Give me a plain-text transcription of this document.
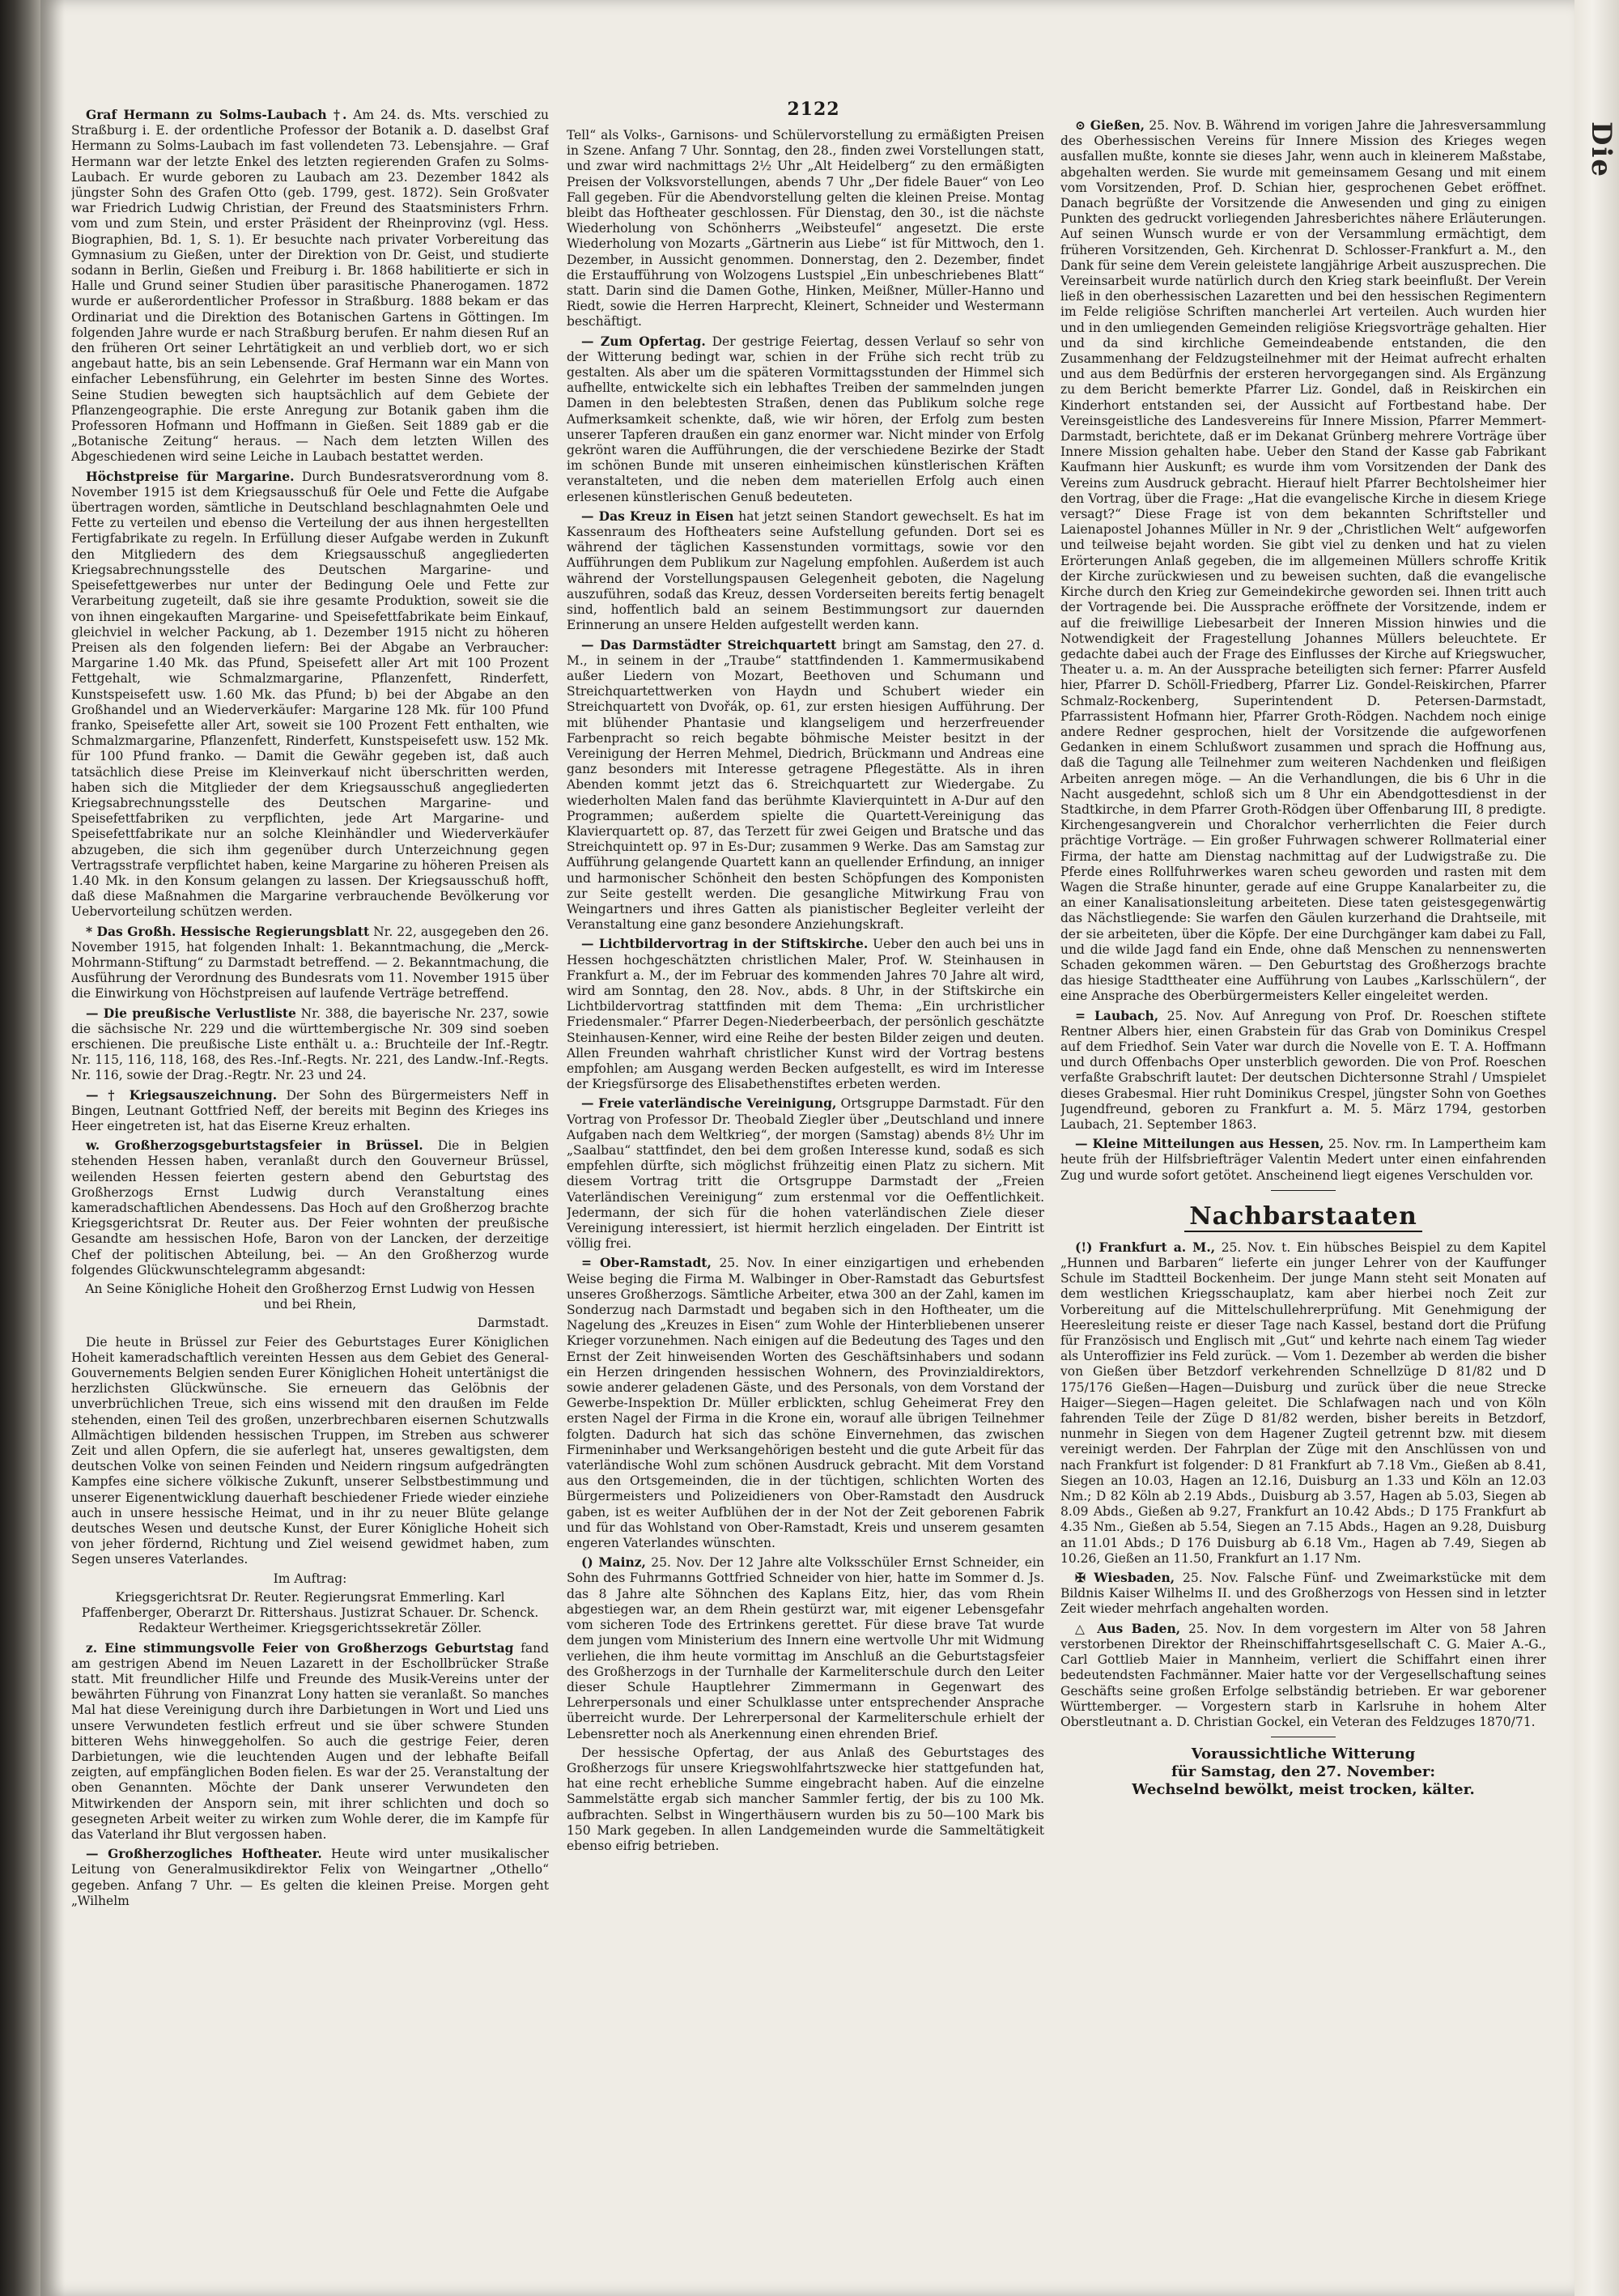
Die
2122

Graf Hermann zu Solms-Laubach †. Am 24. ds. Mts. verschied zu Straßburg i. E. der ordentliche Professor der Botanik a. D. daselbst Graf Hermann zu Solms-Laubach im fast vollendeten 73. Lebensjahre. — Graf Hermann war der letzte Enkel des letzten regierenden Grafen zu Solms-Laubach. Er wurde geboren zu Laubach am 23. Dezember 1842 als jüngster Sohn des Grafen Otto (geb. 1799, gest. 1872). Sein Großvater war Friedrich Ludwig Christian, der Freund des Staatsministers Frhrn. vom und zum Stein, und erster Präsident der Rheinprovinz (vgl. Hess. Biographien, Bd. 1, S. 1). Er besuchte nach privater Vorbereitung das Gymnasium zu Gießen, unter der Direktion von Dr. Geist, und studierte sodann in Berlin, Gießen und Freiburg i. Br. 1868 habilitierte er sich in Halle und Grund seiner Studien über parasitische Phanerogamen. 1872 wurde er außerordentlicher Professor in Straßburg. 1888 bekam er das Ordinariat und die Direktion des Botanischen Gartens in Göttingen. Im folgenden Jahre wurde er nach Straßburg berufen. Er nahm diesen Ruf an den früheren Ort seiner Lehrtätigkeit an und verblieb dort, wo er sich angebaut hatte, bis an sein Lebensende. Graf Hermann war ein Mann von einfacher Lebensführung, ein Gelehrter im besten Sinne des Wortes. Seine Studien bewegten sich hauptsächlich auf dem Gebiete der Pflanzengeographie. Die erste Anregung zur Botanik gaben ihm die Professoren Hofmann und Hoffmann in Gießen. Seit 1889 gab er die „Botanische Zeitung“ heraus. — Nach dem letzten Willen des Abgeschiedenen wird seine Leiche in Laubach bestattet werden.

Höchstpreise für Margarine. Durch Bundesratsverordnung vom 8. November 1915 ist dem Kriegsausschuß für Oele und Fette die Aufgabe übertragen worden, sämtliche in Deutschland beschlagnahmten Oele und Fette zu verteilen und ebenso die Verteilung der aus ihnen hergestellten Fertigfabrikate zu regeln. In Erfüllung dieser Aufgabe werden in Zukunft den Mitgliedern des dem Kriegsausschuß angegliederten Kriegsabrechnungsstelle des Deutschen Margarine- und Speisefettgewerbes nur unter der Bedingung Oele und Fette zur Verarbeitung zugeteilt, daß sie ihre gesamte Produktion, soweit sie die von ihnen eingekauften Margarine- und Speisefettfabrikate beim Einkauf, gleichviel in welcher Packung, ab 1. Dezember 1915 nicht zu höheren Preisen als den folgenden liefern: Bei der Abgabe an Verbraucher: Margarine 1.40 Mk. das Pfund, Speisefett aller Art mit 100 Prozent Fettgehalt, wie Schmalzmargarine, Pflanzenfett, Rinderfett, Kunstspeisefett usw. 1.60 Mk. das Pfund; b) bei der Abgabe an den Großhandel und an Wiederverkäufer: Margarine 128 Mk. für 100 Pfund franko, Speisefette aller Art, soweit sie 100 Prozent Fett enthalten, wie Schmalzmargarine, Pflanzenfett, Rinderfett, Kunstspeisefett usw. 152 Mk. für 100 Pfund franko. — Damit die Gewähr gegeben ist, daß auch tatsächlich diese Preise im Kleinverkauf nicht überschritten werden, haben sich die Mitglieder der dem Kriegsausschuß angegliederten Kriegsabrechnungsstelle des Deutschen Margarine- und Speisefettfabriken zu verpflichten, jede Art Margarine- und Speisefettfabrikate nur an solche Kleinhändler und Wiederverkäufer abzugeben, die sich ihm gegenüber durch Unterzeichnung gegen Vertragsstrafe verpflichtet haben, keine Margarine zu höheren Preisen als 1.40 Mk. in den Konsum gelangen zu lassen. Der Kriegsausschuß hofft, daß diese Maßnahmen die Margarine verbrauchende Bevölkerung vor Uebervorteilung schützen werden.

* Das Großh. Hessische Regierungsblatt Nr. 22, ausgegeben den 26. November 1915, hat folgenden Inhalt: 1. Bekanntmachung, die „Merck-Mohrmann-Stiftung“ zu Darmstadt betreffend. — 2. Bekanntmachung, die Ausführung der Verordnung des Bundesrats vom 11. November 1915 über die Einwirkung von Höchstpreisen auf laufende Verträge betreffend.

— Die preußische Verlustliste Nr. 388, die bayerische Nr. 237, sowie die sächsische Nr. 229 und die württembergische Nr. 309 sind soeben erschienen. Die preußische Liste enthält u. a.: Bruchteile der Inf.-Regtr. Nr. 115, 116, 118, 168, des Res.-Inf.-Regts. Nr. 221, des Landw.-Inf.-Regts. Nr. 116, sowie der Drag.-Regtr. Nr. 23 und 24.

— † Kriegsauszeichnung. Der Sohn des Bürgermeisters Neff in Bingen, Leutnant Gottfried Neff, der bereits mit Beginn des Krieges ins Heer eingetreten ist, hat das Eiserne Kreuz erhalten.

w. Großherzogsgeburtstagsfeier in Brüssel. Die in Belgien stehenden Hessen haben, veranlaßt durch den Gouverneur Brüssel, weilenden Hessen feierten gestern abend den Geburtstag des Großherzogs Ernst Ludwig durch Veranstaltung eines kameradschaftlichen Abendessens. Das Hoch auf den Großherzog brachte Kriegsgerichtsrat Dr. Reuter aus. Der Feier wohnten der preußische Gesandte am hessischen Hofe, Baron von der Lancken, der derzeitige Chef der politischen Abteilung, bei. — An den Großherzog wurde folgendes Glückwunschtelegramm abgesandt:

An Seine Königliche Hoheit den Großherzog Ernst Ludwig von Hessen und bei Rhein,

Darmstadt.

Die heute in Brüssel zur Feier des Geburtstages Eurer Königlichen Hoheit kameradschaftlich vereinten Hessen aus dem Gebiet des General-Gouvernements Belgien senden Eurer Königlichen Hoheit untertänigst die herzlichsten Glückwünsche. Sie erneuern das Gelöbnis der unverbrüchlichen Treue, sich eins wissend mit den draußen im Felde stehenden, einen Teil des großen, unzerbrechbaren eisernen Schutzwalls Allmächtigen bildenden hessischen Truppen, im Streben aus schwerer Zeit und allen Opfern, die sie auferlegt hat, unseres gewaltigsten, dem deutschen Volke von seinen Feinden und Neidern ringsum aufgedrängten Kampfes eine sichere völkische Zukunft, unserer Selbstbestimmung und unserer Eigenentwicklung dauerhaft beschiedener Friede wieder einziehe auch in unsere hessische Heimat, und in ihr zu neuer Blüte gelange deutsches Wesen und deutsche Kunst, der Eurer Königliche Hoheit sich von jeher fördernd, Richtung und Ziel weisend gewidmet haben, zum Segen unseres Vaterlandes.

Im Auftrag:

Kriegsgerichtsrat Dr. Reuter. Regierungsrat Emmerling. Karl Pfaffenberger, Oberarzt Dr. Rittershaus. Justizrat Schauer. Dr. Schenck. Redakteur Wertheimer. Kriegsgerichtssekretär Zöller.

z. Eine stimmungsvolle Feier von Großherzogs Geburtstag fand am gestrigen Abend im Neuen Lazarett in der Eschollbrücker Straße statt. Mit freundlicher Hilfe und Freunde des Musik-Vereins unter der bewährten Führung von Finanzrat Lony hatten sie veranlaßt. So manches Mal hat diese Vereinigung durch ihre Darbietungen in Wort und Lied uns unsere Verwundeten festlich erfreut und sie über schwere Stunden bitteren Wehs hinweggeholfen. So auch die gestrige Feier, deren Darbietungen, wie die leuchtenden Augen und der lebhafte Beifall zeigten, auf empfänglichen Boden fielen. Es war der 25. Veranstaltung der oben Genannten. Möchte der Dank unserer Verwundeten den Mitwirkenden der Ansporn sein, mit ihrer schlichten und doch so gesegneten Arbeit weiter zu wirken zum Wohle derer, die im Kampfe für das Vaterland ihr Blut vergossen haben.

— Großherzogliches Hoftheater. Heute wird unter musikalischer Leitung von Generalmusikdirektor Felix von Weingartner „Othello“ gegeben. Anfang 7 Uhr. — Es gelten die kleinen Preise. Morgen geht „Wilhelm

Tell“ als Volks-, Garnisons- und Schülervorstellung zu ermäßigten Preisen in Szene. Anfang 7 Uhr. Sonntag, den 28., finden zwei Vorstellungen statt, und zwar wird nachmittags 2½ Uhr „Alt Heidelberg“ zu den ermäßigten Preisen der Volksvorstellungen, abends 7 Uhr „Der fidele Bauer“ von Leo Fall gegeben. Für die Abendvorstellung gelten die kleinen Preise. Montag bleibt das Hoftheater geschlossen. Für Dienstag, den 30., ist die nächste Wiederholung von Schönherrs „Weibsteufel“ angesetzt. Die erste Wiederholung von Mozarts „Gärtnerin aus Liebe“ ist für Mittwoch, den 1. Dezember, in Aussicht genommen. Donnerstag, den 2. Dezember, findet die Erstaufführung von Wolzogens Lustspiel „Ein unbeschriebenes Blatt“ statt. Darin sind die Damen Gothe, Hinken, Meißner, Müller-Hanno und Riedt, sowie die Herren Harprecht, Kleinert, Schneider und Westermann beschäftigt.

— Zum Opfertag. Der gestrige Feiertag, dessen Verlauf so sehr von der Witterung bedingt war, schien in der Frühe sich recht trüb zu gestalten. Als aber um die späteren Vormittagsstunden der Himmel sich aufhellte, entwickelte sich ein lebhaftes Treiben der sammelnden jungen Damen in den belebtesten Straßen, denen das Publikum solche rege Aufmerksamkeit schenkte, daß, wie wir hören, der Erfolg zum besten unserer Tapferen draußen ein ganz enormer war. Nicht minder von Erfolg gekrönt waren die Aufführungen, die der verschiedene Bezirke der Stadt im schönen Bunde mit unseren einheimischen künstlerischen Kräften veranstalteten, und die neben dem materiellen Erfolg auch einen erlesenen künstlerischen Genuß bedeuteten.

— Das Kreuz in Eisen hat jetzt seinen Standort gewechselt. Es hat im Kassenraum des Hoftheaters seine Aufstellung gefunden. Dort sei es während der täglichen Kassenstunden vormittags, sowie vor den Aufführungen dem Publikum zur Nagelung empfohlen. Außerdem ist auch während der Vorstellungspausen Gelegenheit geboten, die Nagelung auszuführen, sodaß das Kreuz, dessen Vorderseiten bereits fertig benagelt sind, hoffentlich bald an seinem Bestimmungsort zur dauernden Erinnerung an unsere Helden aufgestellt werden kann.

— Das Darmstädter Streichquartett bringt am Samstag, den 27. d. M., in seinem in der „Traube“ stattfindenden 1. Kammermusikabend außer Liedern von Mozart, Beethoven und Schumann und Streichquartettwerken von Haydn und Schubert wieder ein Streichquartett von Dvořák, op. 61, zur ersten hiesigen Aufführung. Der mit blühender Phantasie und klangseligem und herzerfreuender Farbenpracht so reich begabte böhmische Meister besitzt in der Vereinigung der Herren Mehmel, Diedrich, Brückmann und Andreas eine ganz besonders mit Interesse getragene Pflegestätte. Als in ihren Abenden kommt jetzt das 6. Streichquartett zur Wiedergabe. Zu wiederholten Malen fand das berühmte Klavierquintett in A-Dur auf den Programmen; außerdem spielte die Quartett-Vereinigung das Klavierquartett op. 87, das Terzett für zwei Geigen und Bratsche und das Streichquintett op. 97 in Es-Dur; zusammen 9 Werke. Das am Samstag zur Aufführung gelangende Quartett kann an quellender Erfindung, an inniger und harmonischer Schönheit den besten Schöpfungen des Komponisten zur Seite gestellt werden. Die gesangliche Mitwirkung Frau von Weingartners und ihres Gatten als pianistischer Begleiter verleiht der Veranstaltung eine ganz besondere Anziehungskraft.

— Lichtbildervortrag in der Stiftskirche. Ueber den auch bei uns in Hessen hochgeschätzten christlichen Maler, Prof. W. Steinhausen in Frankfurt a. M., der im Februar des kommenden Jahres 70 Jahre alt wird, wird am Sonntag, den 28. Nov., abds. 8 Uhr, in der Stiftskirche ein Lichtbildervortrag stattfinden mit dem Thema: „Ein urchristlicher Friedensmaler.“ Pfarrer Degen-Niederbeerbach, der persönlich geschätzte Steinhausen-Kenner, wird eine Reihe der besten Bilder zeigen und deuten. Allen Freunden wahrhaft christlicher Kunst wird der Vortrag bestens empfohlen; am Ausgang werden Becken aufgestellt, es wird im Interesse der Kriegsfürsorge des Elisabethenstiftes erbeten werden.

— Freie vaterländische Vereinigung, Ortsgruppe Darmstadt. Für den Vortrag von Professor Dr. Theobald Ziegler über „Deutschland und innere Aufgaben nach dem Weltkrieg“, der morgen (Samstag) abends 8½ Uhr im „Saalbau“ stattfindet, den bei dem großen Interesse kund, sodaß es sich empfehlen dürfte, sich möglichst frühzeitig einen Platz zu sichern. Mit diesem Vortrag tritt die Ortsgruppe Darmstadt der „Freien Vaterländischen Vereinigung“ zum erstenmal vor die Oeffentlichkeit. Jedermann, der sich für die hohen vaterländischen Ziele dieser Vereinigung interessiert, ist hiermit herzlich eingeladen. Der Eintritt ist völlig frei.

= Ober-Ramstadt, 25. Nov. In einer einzigartigen und erhebenden Weise beging die Firma M. Walbinger in Ober-Ramstadt das Geburtsfest unseres Großherzogs. Sämtliche Arbeiter, etwa 300 an der Zahl, kamen im Sonderzug nach Darmstadt und begaben sich in den Hoftheater, um die Nagelung des „Kreuzes in Eisen“ zum Wohle der Hinterbliebenen unserer Krieger vorzunehmen. Nach einigen auf die Bedeutung des Tages und den Ernst der Zeit hinweisenden Worten des Geschäftsinhabers und sodann ein Herzen dringenden hessischen Wohnern, des Provinzialdirektors, sowie anderer geladenen Gäste, und des Personals, von dem Vorstand der Gewerbe-Inspektion Dr. Müller erblickten, schlug Geheimerat Frey den ersten Nagel der Firma in die Krone ein, worauf alle übrigen Teilnehmer folgten. Dadurch hat sich das schöne Einvernehmen, das zwischen Firmeninhaber und Werksangehörigen besteht und die gute Arbeit für das vaterländische Wohl zum schönen Ausdruck gebracht. Mit dem Vorstand aus den Ortsgemeinden, die in der tüchtigen, schlichten Worten des Bürgermeisters und Polizeidieners von Ober-Ramstadt den Ausdruck gaben, ist es weiter Aufblühen der in der Not der Zeit geborenen Fabrik und für das Wohlstand von Ober-Ramstadt, Kreis und unserem gesamten engeren Vaterlandes wünschten.

() Mainz, 25. Nov. Der 12 Jahre alte Volksschüler Ernst Schneider, ein Sohn des Fuhrmanns Gottfried Schneider von hier, hatte im Sommer d. Js. das 8 Jahre alte Söhnchen des Kaplans Eitz, hier, das vom Rhein abgestiegen war, an dem Rhein gestürzt war, mit eigener Lebensgefahr vom sicheren Tode des Ertrinkens gerettet. Für diese brave Tat wurde dem jungen vom Ministerium des Innern eine wertvolle Uhr mit Widmung verliehen, die ihm heute vormittag im Anschluß an die Geburtstagsfeier des Großherzogs in der Turnhalle der Karmeliterschule durch den Leiter dieser Schule Hauptlehrer Zimmermann in Gegenwart des Lehrerpersonals und einer Schulklasse unter entsprechender Ansprache überreicht wurde. Der Lehrerpersonal der Karmeliterschule erhielt der Lebensretter noch als Anerkennung einen ehrenden Brief.

Der hessische Opfertag, der aus Anlaß des Geburtstages des Großherzogs für unsere Kriegswohlfahrtszwecke hier stattgefunden hat, hat eine recht erhebliche Summe eingebracht haben. Auf die einzelne Sammelstätte ergab sich mancher Sammler fertig, der bis zu 100 Mk. aufbrachten. Selbst in Wingerthäusern wurden bis zu 50—100 Mark bis 150 Mark gegeben. In allen Landgemeinden wurde die Sammeltätigkeit ebenso eifrig betrieben.

⊙ Gießen, 25. Nov. B. Während im vorigen Jahre die Jahresversammlung des Oberhessischen Vereins für Innere Mission des Krieges wegen ausfallen mußte, konnte sie dieses Jahr, wenn auch in kleinerem Maßstabe, abgehalten werden. Sie wurde mit gemeinsamem Gesang und mit einem vom Vorsitzenden, Prof. D. Schian hier, gesprochenen Gebet eröffnet. Danach begrüßte der Vorsitzende die Anwesenden und ging zu einigen Punkten des gedruckt vorliegenden Jahresberichtes nähere Erläuterungen. Auf seinen Wunsch wurde er von der Versammlung ermächtigt, dem früheren Vorsitzenden, Geh. Kirchenrat D. Schlosser-Frankfurt a. M., den Dank für seine dem Verein geleistete langjährige Arbeit auszusprechen. Die Vereinsarbeit wurde natürlich durch den Krieg stark beeinflußt. Der Verein ließ in den oberhessischen Lazaretten und bei den hessischen Regimentern im Felde religiöse Schriften mancherlei Art verteilen. Auch wurden hier und in den umliegenden Gemeinden religiöse Kriegsvorträge gehalten. Hier und da sind kirchliche Gemeindeabende entstanden, die den Zusammenhang der Feldzugsteilnehmer mit der Heimat aufrecht erhalten und aus dem Bedürfnis der ersteren hervorgegangen sind. Als Ergänzung zu dem Bericht bemerkte Pfarrer Liz. Gondel, daß in Reiskirchen ein Kinderhort entstanden sei, der Aussicht auf Fortbestand habe. Der Vereinsgeistliche des Landesvereins für Innere Mission, Pfarrer Memmert-Darmstadt, berichtete, daß er im Dekanat Grünberg mehrere Vorträge über Innere Mission gehalten habe. Ueber den Stand der Kasse gab Fabrikant Kaufmann hier Auskunft; es wurde ihm vom Vorsitzenden der Dank des Vereins zum Ausdruck gebracht. Hierauf hielt Pfarrer Bechtolsheimer hier den Vortrag, über die Frage: „Hat die evangelische Kirche in diesem Kriege versagt?“ Diese Frage ist von dem bekannten Schriftsteller und Laienapostel Johannes Müller in Nr. 9 der „Christlichen Welt“ aufgeworfen und teilweise bejaht worden. Sie gibt viel zu denken und hat zu vielen Erörterungen Anlaß gegeben, die im allgemeinen Müllers schroffe Kritik der Kirche zurückwiesen und zu beweisen suchten, daß die evangelische Kirche durch den Krieg zur Gemeindekirche geworden sei. Ihnen tritt auch der Vortragende bei. Die Aussprache eröffnete der Vorsitzende, indem er auf die freiwillige Liebesarbeit der Inneren Mission hinwies und die Notwendigkeit der Fragestellung Johannes Müllers beleuchtete. Er gedachte dabei auch der Frage des Einflusses der Kirche auf Kriegswucher, Theater u. a. m. An der Aussprache beteiligten sich ferner: Pfarrer Ausfeld hier, Pfarrer D. Schöll-Friedberg, Pfarrer Liz. Gondel-Reiskirchen, Pfarrer Schmalz-Rockenberg, Superintendent D. Petersen-Darmstadt, Pfarrassistent Hofmann hier, Pfarrer Groth-Rödgen. Nachdem noch einige andere Redner gesprochen, hielt der Vorsitzende die aufgeworfenen Gedanken in einem Schlußwort zusammen und sprach die Hoffnung aus, daß die Tagung alle Teilnehmer zum weiteren Nachdenken und fleißigen Arbeiten anregen möge. — An die Verhandlungen, die bis 6 Uhr in die Nacht ausgedehnt, schloß sich um 8 Uhr ein Abendgottesdienst in der Stadtkirche, in dem Pfarrer Groth-Rödgen über Offenbarung III, 8 predigte. Kirchengesangverein und Choralchor verherrlichten die Feier durch prächtige Vorträge. — Ein großer Fuhrwagen schwerer Rollmaterial einer Firma, der hatte am Dienstag nachmittag auf der Ludwigstraße zu. Die Pferde eines Rollfuhrwerkes waren scheu geworden und rasten mit dem Wagen die Straße hinunter, gerade auf eine Gruppe Kanalarbeiter zu, die an einer Kanalisationsleitung arbeiteten. Diese taten geistesgegenwärtig das Nächstliegende: Sie warfen den Gäulen kurzerhand die Drahtseile, mit der sie arbeiteten, über die Köpfe. Der eine Durchgänger kam dabei zu Fall, und die wilde Jagd fand ein Ende, ohne daß Menschen zu nennenswerten Schaden gekommen wären. — Den Geburtstag des Großherzogs brachte das hiesige Stadttheater eine Aufführung von Laubes „Karlsschülern“, der eine Ansprache des Oberbürgermeisters Keller eingeleitet werden.

= Laubach, 25. Nov. Auf Anregung von Prof. Dr. Roeschen stiftete Rentner Albers hier, einen Grabstein für das Grab von Dominikus Crespel auf dem Friedhof. Sein Vater war durch die Novelle von E. T. A. Hoffmann und durch Offenbachs Oper unsterblich geworden. Die von Prof. Roeschen verfaßte Grabschrift lautet: Der deutschen Dichtersonne Strahl / Umspielet dieses Grabesmal. Hier ruht Dominikus Crespel, jüngster Sohn von Goethes Jugendfreund, geboren zu Frankfurt a. M. 5. März 1794, gestorben Laubach, 21. September 1863.

— Kleine Mitteilungen aus Hessen, 25. Nov. rm. In Lampertheim kam heute früh der Hilfsbriefträger Valentin Medert unter einen einfahrenden Zug und wurde sofort getötet. Anscheinend liegt eigenes Verschulden vor.

Nachbarstaaten

(!) Frankfurt a. M., 25. Nov. t. Ein hübsches Beispiel zu dem Kapitel „Hunnen und Barbaren“ lieferte ein junger Lehrer von der Kauffunger Schule im Stadtteil Bockenheim. Der junge Mann steht seit Monaten auf dem westlichen Kriegsschauplatz, kam aber hierbei noch Zeit zur Vorbereitung auf die Mittelschullehrerprüfung. Mit Genehmigung der Heeresleitung reiste er dieser Tage nach Kassel, bestand dort die Prüfung für Französisch und Englisch mit „Gut“ und kehrte nach einem Tag wieder als Unteroffizier ins Feld zurück. — Vom 1. Dezember ab werden die bisher von Gießen über Betzdorf verkehrenden Schnellzüge D 81/82 und D 175/176 Gießen—Hagen—Duisburg und zurück über die neue Strecke Haiger—Siegen—Hagen geleitet. Die Schlafwagen nach und von Köln fahrenden Teile der Züge D 81/82 werden, bisher bereits in Betzdorf, nunmehr in Siegen von dem Hagener Zugteil getrennt bzw. mit diesem vereinigt werden. Der Fahrplan der Züge mit den Anschlüssen von und nach Frankfurt ist folgender: D 81 Frankfurt ab 7.18 Vm., Gießen ab 8.41, Siegen an 10.03, Hagen an 12.16, Duisburg an 1.33 und Köln an 12.03 Nm.; D 82 Köln ab 2.19 Abds., Duisburg ab 3.57, Hagen ab 5.03, Siegen ab 8.09 Abds., Gießen ab 9.27, Frankfurt an 10.42 Abds.; D 175 Frankfurt ab 4.35 Nm., Gießen ab 5.54, Siegen an 7.15 Abds., Hagen an 9.28, Duisburg an 11.01 Abds.; D 176 Duisburg ab 6.18 Vm., Hagen ab 7.49, Siegen ab 10.26, Gießen an 11.50, Frankfurt an 1.17 Nm.

✠ Wiesbaden, 25. Nov. Falsche Fünf- und Zweimarkstücke mit dem Bildnis Kaiser Wilhelms II. und des Großherzogs von Hessen sind in letzter Zeit wieder mehrfach angehalten worden.

△ Aus Baden, 25. Nov. In dem vorgestern im Alter von 58 Jahren verstorbenen Direktor der Rheinschiffahrtsgesellschaft C. G. Maier A.-G., Carl Gottlieb Maier in Mannheim, verliert die Schiffahrt einen ihrer bedeutendsten Fachmänner. Maier hatte vor der Vergesellschaftung seines Geschäfts seine großen Erfolge selbständig betrieben. Er war geborener Württemberger. — Vorgestern starb in Karlsruhe in hohem Alter Oberstleutnant a. D. Christian Gockel, ein Veteran des Feldzuges 1870/71.

Voraussichtliche Witterung
für Samstag, den 27. November:
Wechselnd bewölkt, meist trocken, kälter.
